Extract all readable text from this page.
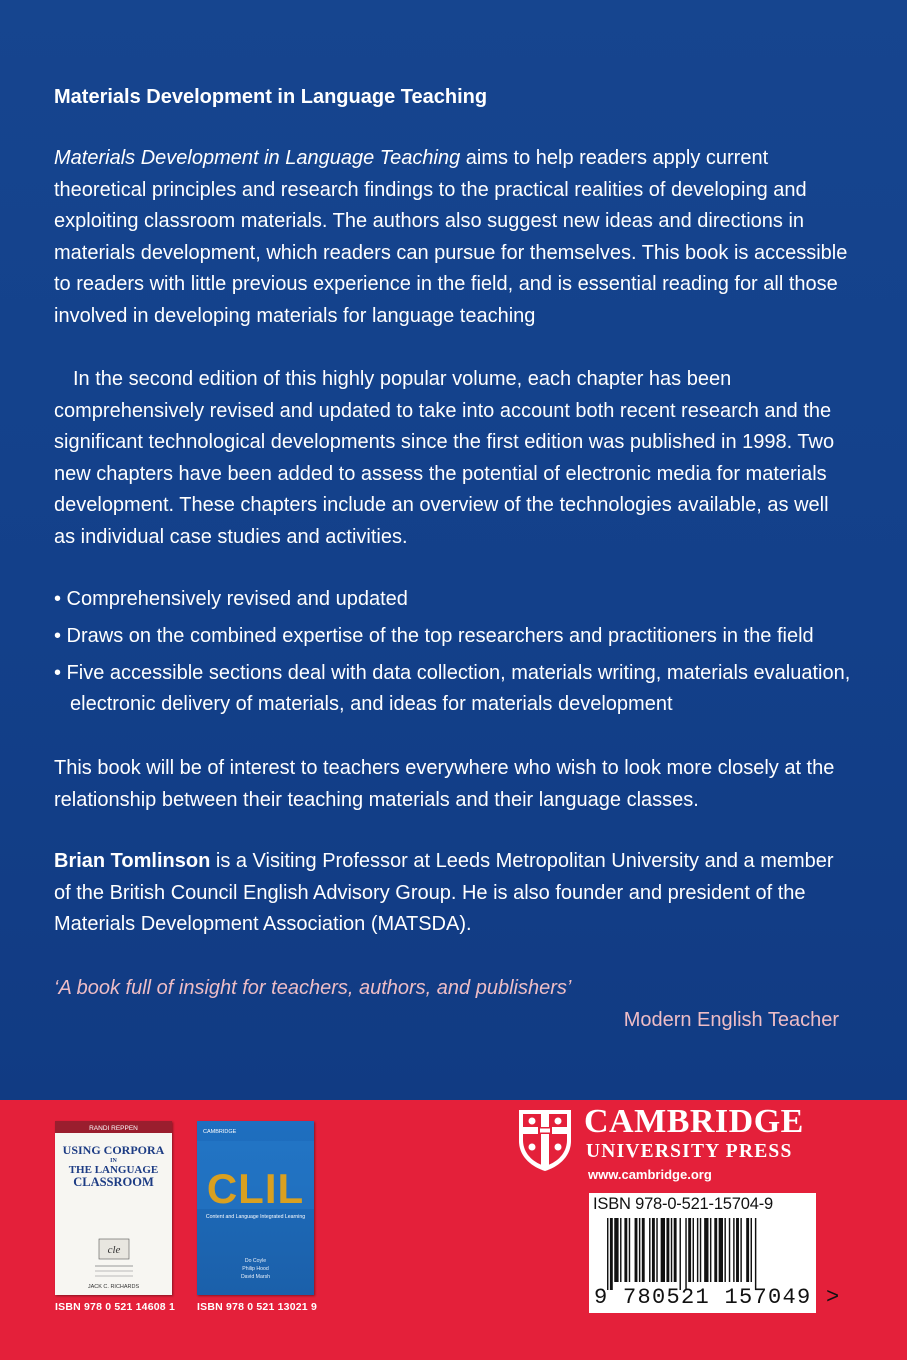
Materials Development in Language Teaching

Materials Development in Language Teaching aims to help readers apply current theoretical principles and research findings to the practical realities of developing and exploiting classroom materials. The authors also suggest new ideas and directions in materials development, which readers can pursue for themselves. This book is accessible to readers with little previous experience in the field, and is essential reading for all those involved in developing materials for language teaching

In the second edition of this highly popular volume, each chapter has been comprehensively revised and updated to take into account both recent research and the significant technological developments since the first edition was published in 1998. Two new chapters have been added to assess the potential of electronic media for materials development. These chapters include an overview of the technologies available, as well as individual case studies and activities.

• Comprehensively revised and updated
• Draws on the combined expertise of the top researchers and practitioners in the field
• Five accessible sections deal with data collection, materials writing, materials evaluation, electronic delivery of materials, and ideas for materials development

This book will be of interest to teachers everywhere who wish to look more closely at the relationship between their teaching materials and their language classes.

Brian Tomlinson is a Visiting Professor at Leeds Metropolitan University and a member of the British Council English Advisory Group. He is also founder and president of the Materials Development Association (MATSDA).

‘A book full of insight for teachers, authors, and publishers’

Modern English Teacher

RANDI REPPEN
USING CORPORA
IN
THE LANGUAGE
CLASSROOM
cle
JACK C. RICHARDS
ISBN 978 0 521 14608 1
CAMBRIDGE
CLIL
Content and Language Integrated Learning
Do Coyle
Philip Hood
David Marsh
ISBN 978 0 521 13021 9
CAMBRIDGE
UNIVERSITY PRESS
www.cambridge.org
ISBN 978-0-521-15704-9
9 780521 157049 >
